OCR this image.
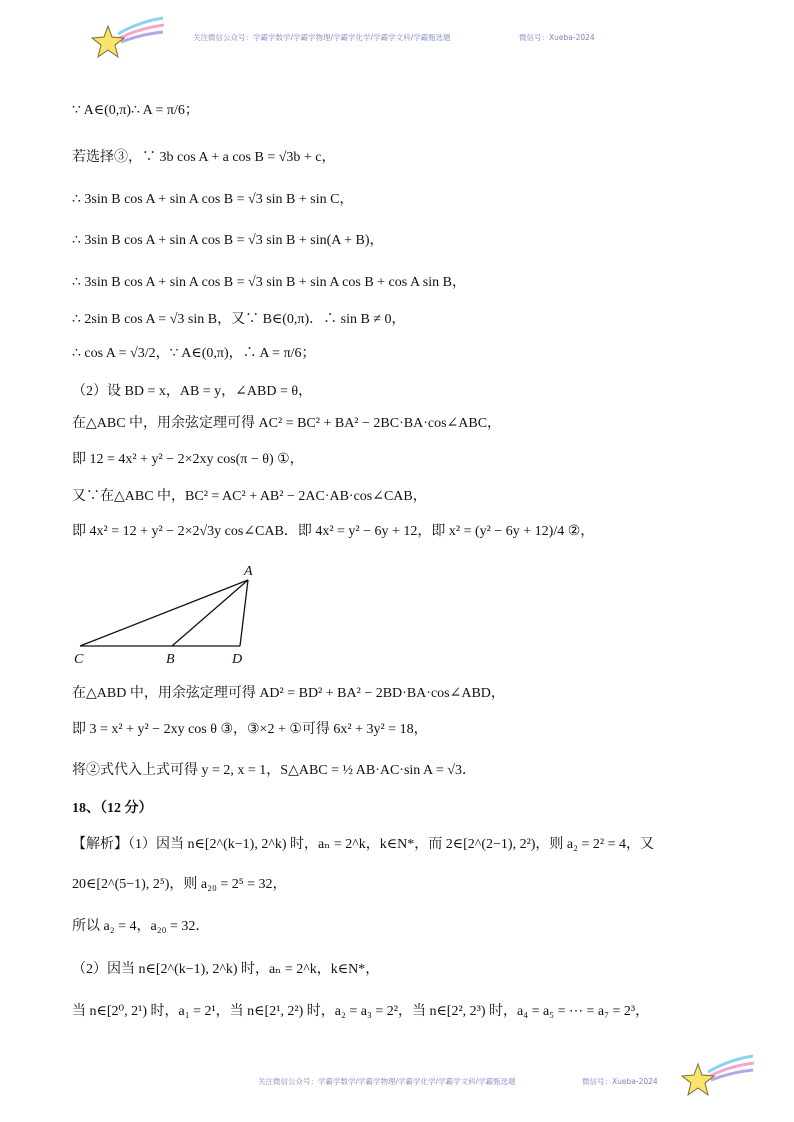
关注微信公众号：学霸学数学/学霸学物理/学霸学化学/学霸学文科/学霸甄选题	微信号：Xueba-2024
∵ A∈(0,π)∴ A = π/6；
若选择③，∵ 3b cos A + a cos B = √3b + c，
∴ 3sin B cos A + sin A cos B = √3 sin B + sin C，
∴ 3sin B cos A + sin A cos B = √3 sin B + sin(A + B)，
∴ 3sin B cos A + sin A cos B = √3 sin B + sin A cos B + cos A sin B，
∴ 2sin B cos A = √3 sin B，又∵ B∈(0,π)．∴ sin B ≠ 0，
∴ cos A = √3/2，∵ A∈(0,π)，∴ A = π/6；
（2）设 BD = x，AB = y，∠ABD = θ，
在△ABC 中，用余弦定理可得 AC² = BC² + BA² − 2BC·BA·cos∠ABC，
即 12 = 4x² + y² − 2×2xy cos(π − θ) ①，
又∵在△ABC 中，BC² = AC² + AB² − 2AC·AB·cos∠CAB，
即 4x² = 12 + y² − 2×2√3y cos∠CAB．即 4x² = y² − 6y + 12，即 x² = (y² − 6y + 12)/4 ②，
A
C	B	D
在△ABD 中，用余弦定理可得 AD² = BD² + BA² − 2BD·BA·cos∠ABD，
即 3 = x² + y² − 2xy cos θ ③，③×2 + ①可得 6x² + 3y² = 18，
将②式代入上式可得 y = 2, x = 1，S△ABC = ½ AB·AC·sin A = √3．
18、（12 分）
【解析】（1）因当 n∈[2^(k−1), 2^k) 时，aₙ = 2^k，k∈N*，而 2∈[2^(2−1), 2²)，则 a₂ = 2² = 4，又
20∈[2^(5−1), 2⁵)，则 a₂₀ = 2⁵ = 32，
所以 a₂ = 4，a₂₀ = 32．
（2）因当 n∈[2^(k−1), 2^k) 时，aₙ = 2^k，k∈N*，
当 n∈[2⁰, 2¹) 时，a₁ = 2¹，当 n∈[2¹, 2²) 时，a₂ = a₃ = 2²，当 n∈[2², 2³) 时，a₄ = a₅ = ⋯ = a₇ = 2³，
关注微信公众号：学霸学数学/学霸学物理/学霸学化学/学霸学文科/学霸甄选题	微信号：Xueba-2024
